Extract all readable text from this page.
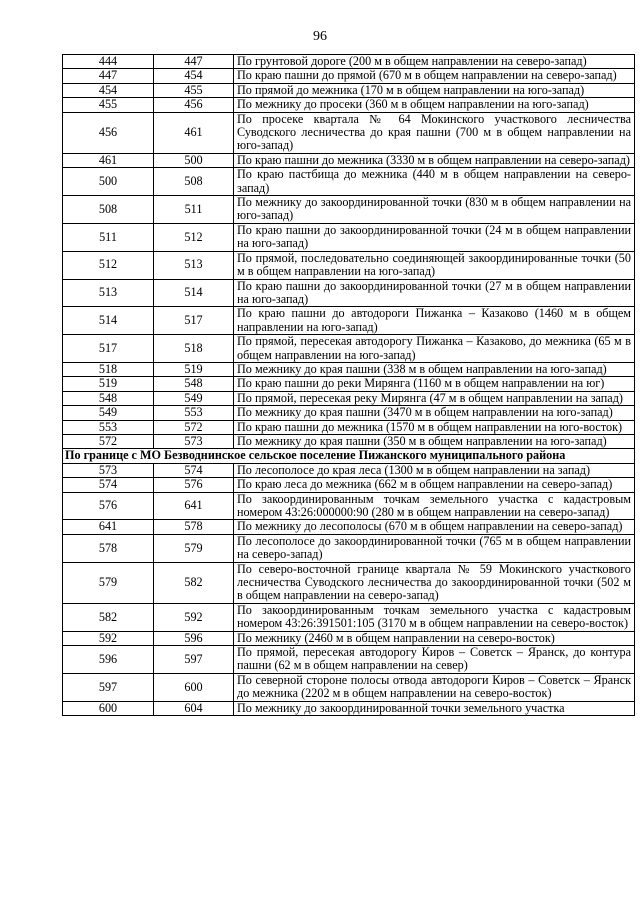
96
444	447	По грунтовой дороге (200 м в общем направлении на северо-запад)
447	454	По краю пашни до прямой (670 м в общем направлении на северо-запад)
454	455	По прямой до межника (170 м в общем направлении на юго-запад)
455	456	По межнику до просеки (360 м в общем направлении на юго-запад)
456	461	По просеке квартала № 64 Мокинского участкового лесничества Суводского лесничества до края пашни (700 м в общем направлении на юго-запад)
461	500	По краю пашни до межника (3330 м в общем направлении на северо-запад)
500	508	По краю пастбища до межника (440 м в общем направлении на северо-запад)
508	511	По межнику до закоординированной точки (830 м в общем направлении на юго-запад)
511	512	По краю пашни до закоординированной точки (24 м в общем направлении на юго-запад)
512	513	По прямой, последовательно соединяющей закоординированные точки (50 м в общем направлении на юго-запад)
513	514	По краю пашни до закоординированной точки (27 м в общем направлении на юго-запад)
514	517	По краю пашни до автодороги Пижанка – Казаково (1460 м в общем направлении на юго-запад)
517	518	По прямой, пересекая автодорогу Пижанка – Казаково, до межника (65 м в общем направлении на юго-запад)
518	519	По межнику до края пашни (338 м в общем направлении на юго-запад)
519	548	По краю пашни до реки Мирянга (1160 м в общем направлении на юг)
548	549	По прямой, пересекая реку Мирянга (47 м в общем направлении на запад)
549	553	По межнику до края пашни (3470 м в общем направлении на юго-запад)
553	572	По краю пашни до межника (1570 м в общем направлении на юго-восток)
572	573	По межнику до края пашни (350 м в общем направлении на юго-запад)
По границе с МО Безводнинское сельское поселение Пижанского муниципального района		
573	574	По лесополосе до края леса (1300 м в общем направлении на запад)
574	576	По краю леса до межника (662 м в общем направлении на северо-запад)
576	641	По закоординированным точкам земельного участка с кадастровым номером 43:26:000000:90 (280 м в общем направлении на северо-запад)
641	578	По межнику до лесополосы (670 м в общем направлении на северо-запад)
578	579	По лесополосе до закоординированной точки (765 м в общем направлении на северо-запад)
579	582	По северо-восточной границе квартала № 59 Мокинского участкового лесничества Суводского лесничества до закоординированной точки (502 м в общем направлении на северо-запад)
582	592	По закоординированным точкам земельного участка с кадастровым номером 43:26:391501:105 (3170 м в общем направлении на северо-восток)
592	596	По межнику (2460 м в общем направлении на северо-восток)
596	597	По прямой, пересекая автодорогу Киров – Советск – Яранск, до контура пашни (62 м в общем направлении на север)
597	600	По северной стороне полосы отвода автодороги Киров – Советск – Яранск до межника (2202 м в общем направлении на северо-восток)
600	604	По межнику до закоординированной точки земельного участка
